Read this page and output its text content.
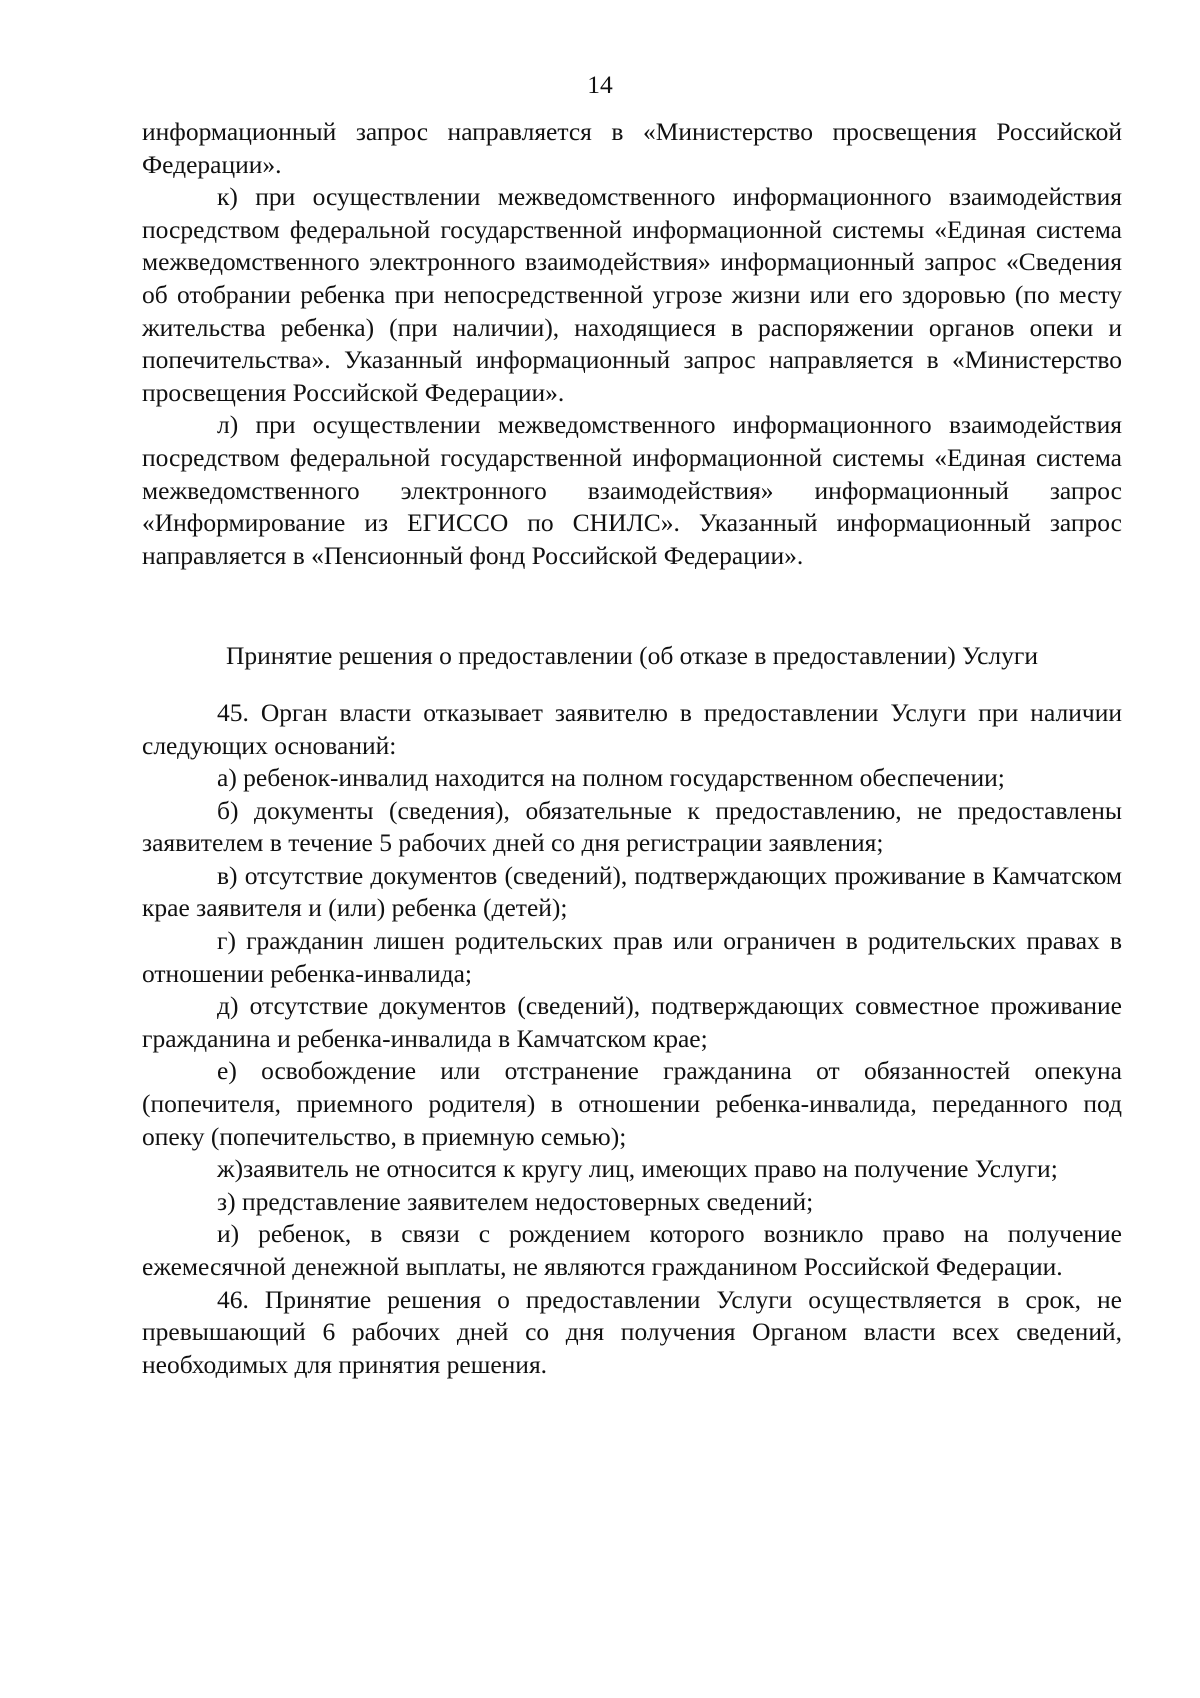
14

информационный запрос направляется в «Министерство просвещения Российской Федерации».

к) при осуществлении межведомственного информационного взаимодействия посредством федеральной государственной информационной системы «Единая система межведомственного электронного взаимодействия» информационный запрос «Сведения об отобрании ребенка при непосредственной угрозе жизни или его здоровью (по месту жительства ребенка) (при наличии), находящиеся в распоряжении органов опеки и попечительства». Указанный информационный запрос направляется в «Министерство просвещения Российской Федерации».

л) при осуществлении межведомственного информационного взаимодействия посредством федеральной государственной информационной системы «Единая система межведомственного электронного взаимодействия» информационный запрос «Информирование из ЕГИССО по СНИЛС». Указанный информационный запрос направляется в «Пенсионный фонд Российской Федерации».

Принятие решения о предоставлении (об отказе в предоставлении) Услуги

45. Орган власти отказывает заявителю в предоставлении Услуги при наличии следующих оснований:

а) ребенок-инвалид находится на полном государственном обеспечении;

б) документы (сведения), обязательные к предоставлению, не предоставлены заявителем в течение 5 рабочих дней со дня регистрации заявления;

в) отсутствие документов (сведений), подтверждающих проживание в Камчатском крае заявителя и (или) ребенка (детей);

г) гражданин лишен родительских прав или ограничен в родительских правах в отношении ребенка-инвалида;

д) отсутствие документов (сведений), подтверждающих совместное проживание гражданина и ребенка-инвалида в Камчатском крае;

е) освобождение или отстранение гражданина от обязанностей опекуна (попечителя, приемного родителя) в отношении ребенка-инвалида, переданного под опеку (попечительство, в приемную семью);

ж)заявитель не относится к кругу лиц, имеющих право на получение Услуги;

з) представление заявителем недостоверных сведений;

и) ребенок, в связи с рождением которого возникло право на получение ежемесячной денежной выплаты, не являются гражданином Российской Федерации.

46. Принятие решения о предоставлении Услуги осуществляется в срок, не превышающий 6 рабочих дней со дня получения Органом власти всех сведений, необходимых для принятия решения.
